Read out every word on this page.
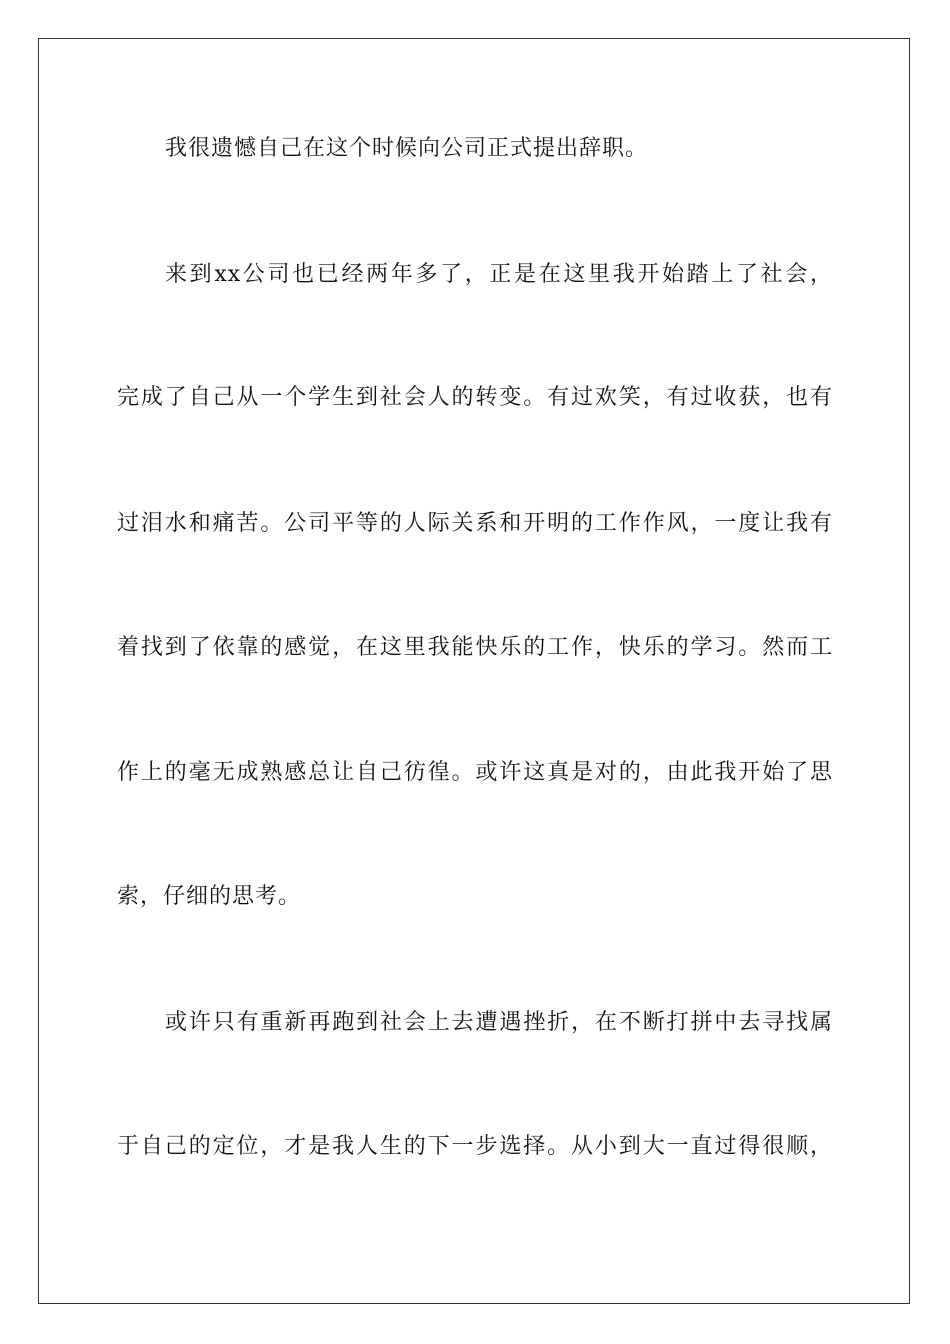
我很遗憾自己在这个时候向公司正式提出辞职。

来到xx公司也已经两年多了，正是在这里我开始踏上了社会，

完成了自己从一个学生到社会人的转变。有过欢笑，有过收获，也有

过泪水和痛苦。公司平等的人际关系和开明的工作作风，一度让我有

着找到了依靠的感觉，在这里我能快乐的工作，快乐的学习。然而工

作上的毫无成熟感总让自己彷徨。或许这真是对的，由此我开始了思

索，仔细的思考。

或许只有重新再跑到社会上去遭遇挫折，在不断打拼中去寻找属

于自己的定位，才是我人生的下一步选择。从小到大一直过得很顺，
